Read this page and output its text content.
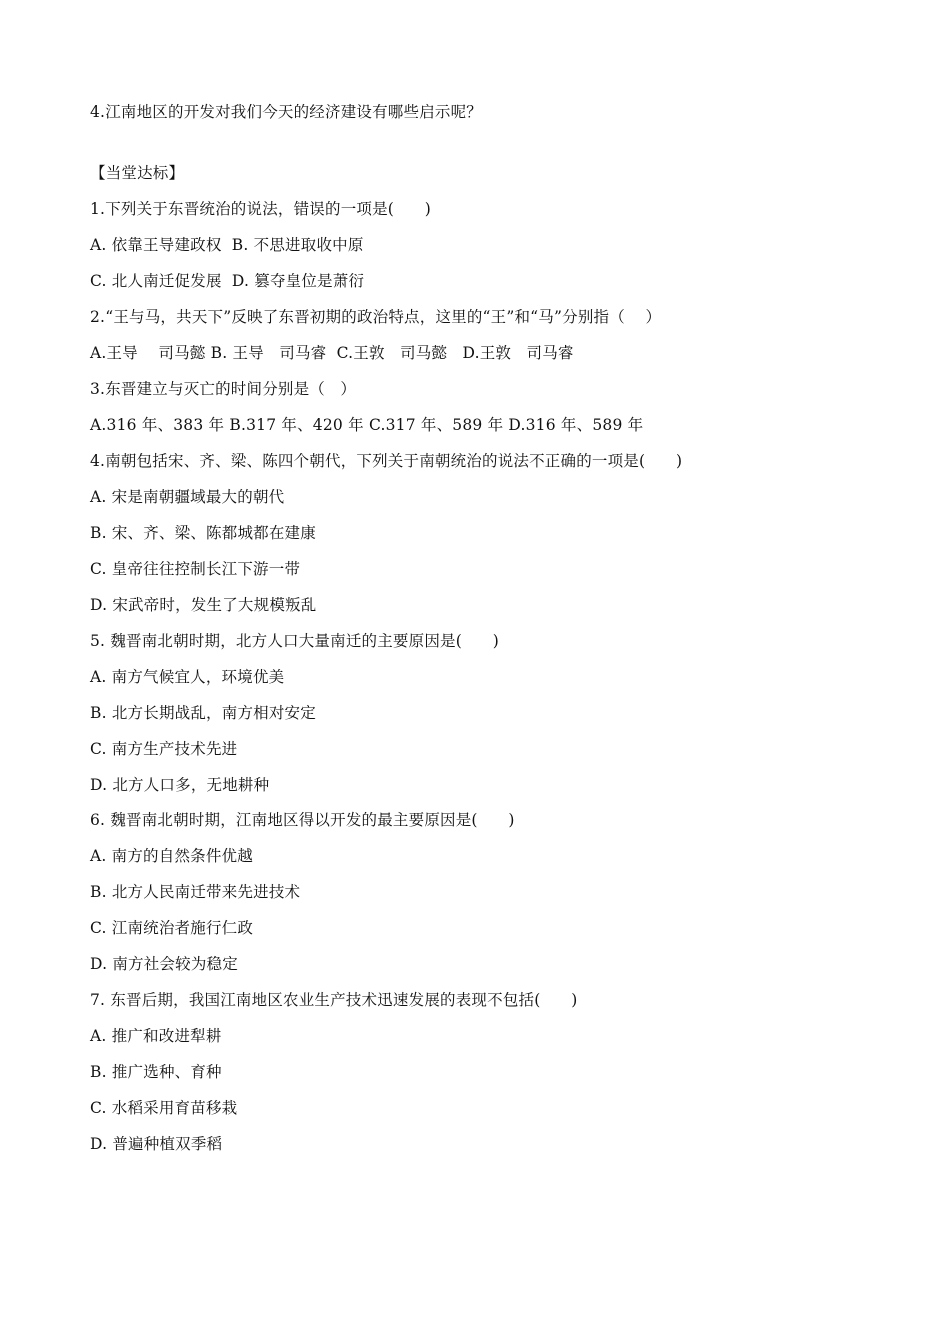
4.江南地区的开发对我们今天的经济建设有哪些启示呢？
【当堂达标】
1.下列关于东晋统治的说法，错误的一项是(      )
A. 依靠王导建政权  B. 不思进取收中原
C. 北人南迁促发展  D. 篡夺皇位是萧衍
2.“王与马，共天下”反映了东晋初期的政治特点，这里的“王”和“马”分别指（    ）
A.王导    司马懿 B. 王导   司马睿  C.王敦   司马懿   D.王敦   司马睿
3.东晋建立与灭亡的时间分别是（   ）
A.316 年、383 年 B.317 年、420 年 C.317 年、589 年 D.316 年、589 年
4.南朝包括宋、齐、梁、陈四个朝代，下列关于南朝统治的说法不正确的一项是(      )
A. 宋是南朝疆域最大的朝代
B. 宋、齐、梁、陈都城都在建康
C. 皇帝往往控制长江下游一带
D. 宋武帝时，发生了大规模叛乱
5. 魏晋南北朝时期，北方人口大量南迁的主要原因是(      )
A. 南方气候宜人，环境优美
B. 北方长期战乱，南方相对安定
C. 南方生产技术先进
D. 北方人口多，无地耕种
6. 魏晋南北朝时期，江南地区得以开发的最主要原因是(      )
A. 南方的自然条件优越
B. 北方人民南迁带来先进技术
C. 江南统治者施行仁政
D. 南方社会较为稳定
7. 东晋后期，我国江南地区农业生产技术迅速发展的表现不包括(      )
A. 推广和改进犁耕
B. 推广选种、育种
C. 水稻采用育苗移栽
D. 普遍种植双季稻
